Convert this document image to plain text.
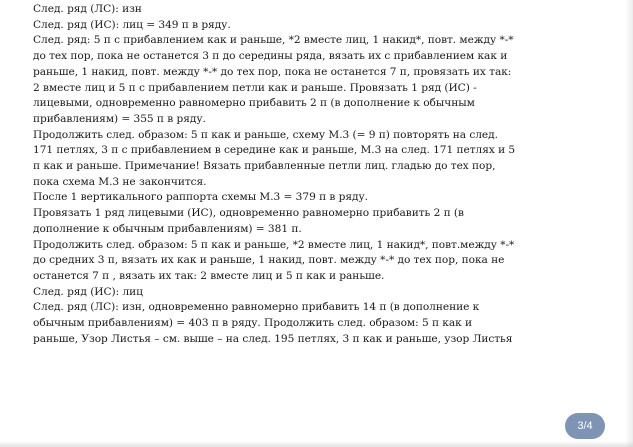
След. ряд (ЛС): изн
След. ряд (ИС): лиц = 349 п в ряду.
След. ряд: 5 п с прибавлением как и раньше, *2 вместе лиц, 1 накид*, повт. между *-*
до тех пор, пока не останется 3 п до середины ряда, вязать их с прибавлением как и
раньше, 1 накид, повт. между *-* до тех пор, пока не останется 7 п, провязать их так:
2 вместе лиц и 5 п с прибавлением петли как и раньше. Провязать 1 ряд (ИС) -
лицевыми, одновременно равномерно прибавить 2 п (в дополнение к обычным
прибавлениям) = 355 п в ряду.
Продолжить след. образом: 5 п как и раньше, схему М.3 (= 9 п) повторять на след.
171 петлях, 3 п с прибавлением в середине как и раньше, М.3 на след. 171 петлях и 5
п как и раньше. Примечание! Вязать прибавленные петли лиц. гладью до тех пор,
пока схема М.3 не закончится.
После 1 вертикального раппорта схемы М.3 = 379 п в ряду.
Провязать 1 ряд лицевыми (ИС), одновременно равномерно прибавить 2 п (в
дополнение к обычным прибавлениям) = 381 п.
Продолжить след. образом: 5 п как и раньше, *2 вместе лиц, 1 накид*, повт.между *-*
до средних 3 п, вязать их как и раньше, 1 накид, повт. между *-* до тех пор, пока не
останется 7 п , вязать их так: 2 вместе лиц и 5 п как и раньше.
След. ряд (ИС): лиц
След. ряд (ЛС): изн, одновременно равномерно прибавить 14 п (в дополнение к
обычным прибавлениям) = 403 п в ряду. Продолжить след. образом: 5 п как и
раньше, Узор Листья – см. выше – на след. 195 петлях, 3 п как и раньше, узор Листья
3/4
